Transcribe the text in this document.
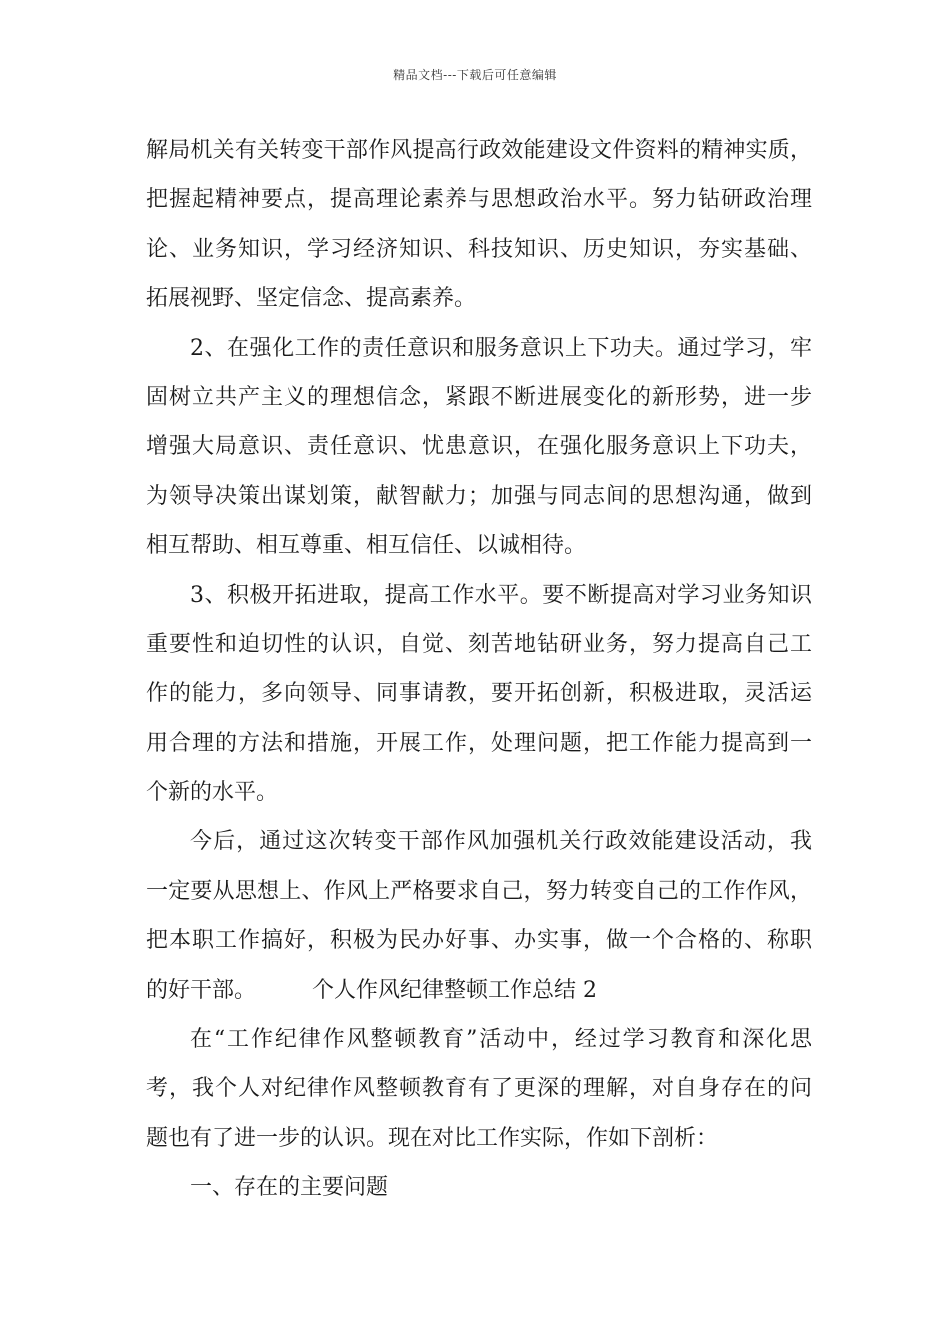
精品文档---下载后可任意编辑
解局机关有关转变干部作风提高行政效能建设文件资料的精神实质，
把握起精神要点，提高理论素养与思想政治水平。努力钻研政治理
论、业务知识，学习经济知识、科技知识、历史知识，夯实基础、
拓展视野、坚定信念、提高素养。
2、在强化工作的责任意识和服务意识上下功夫。通过学习，牢
固树立共产主义的理想信念，紧跟不断进展变化的新形势，进一步
增强大局意识、责任意识、忧患意识，在强化服务意识上下功夫，
为领导决策出谋划策，献智献力；加强与同志间的思想沟通，做到
相互帮助、相互尊重、相互信任、以诚相待。
3、积极开拓进取，提高工作水平。要不断提高对学习业务知识
重要性和迫切性的认识，自觉、刻苦地钻研业务，努力提高自己工
作的能力，多向领导、同事请教，要开拓创新，积极进取，灵活运
用合理的方法和措施，开展工作，处理问题，把工作能力提高到一
个新的水平。
今后，通过这次转变干部作风加强机关行政效能建设活动，我
一定要从思想上、作风上严格要求自己，努力转变自己的工作作风，
把本职工作搞好，积极为民办好事、办实事，做一个合格的、称职
的好干部。	个人作风纪律整顿工作总结 2
在“工作纪律作风整顿教育”活动中，经过学习教育和深化思
考，我个人对纪律作风整顿教育有了更深的理解，对自身存在的问
题也有了进一步的认识。现在对比工作实际，作如下剖析：
一、存在的主要问题
